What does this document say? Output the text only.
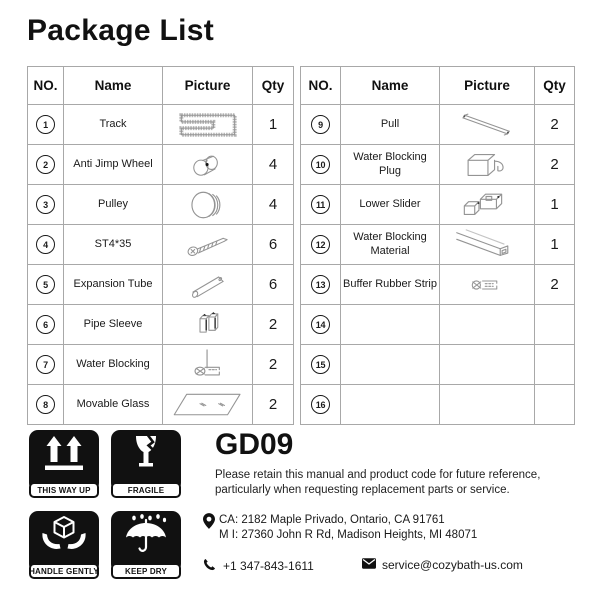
Package List
NO.	Name	Picture	Qty
1	Track		1
2	Anti Jimp Wheel		4
3	Pulley		4
4	ST4*35		6
5	Expansion Tube		6
6	Pipe Sleeve		2
7	Water Blocking		2
8	Movable Glass		2
NO.	Name	Picture	Qty
9	Pull		2
10	Water Blocking Plug		2
11	Lower Slider		1
12	Water Blocking Material		1
13	Buffer Rubber Strip		2
14			
15			
16			
THIS WAY UP	FRAGILE
HANDLE GENTLY	KEEP DRY
GD09
Please retain this manual and product code for future reference, particularly when requesting replacement parts or service.
CA: 2182 Maple Privado, Ontario, CA 91761
M I: 27360 John R Rd, Madison Heights, MI 48071
+1 347-843-1611	service@cozybath-us.com
